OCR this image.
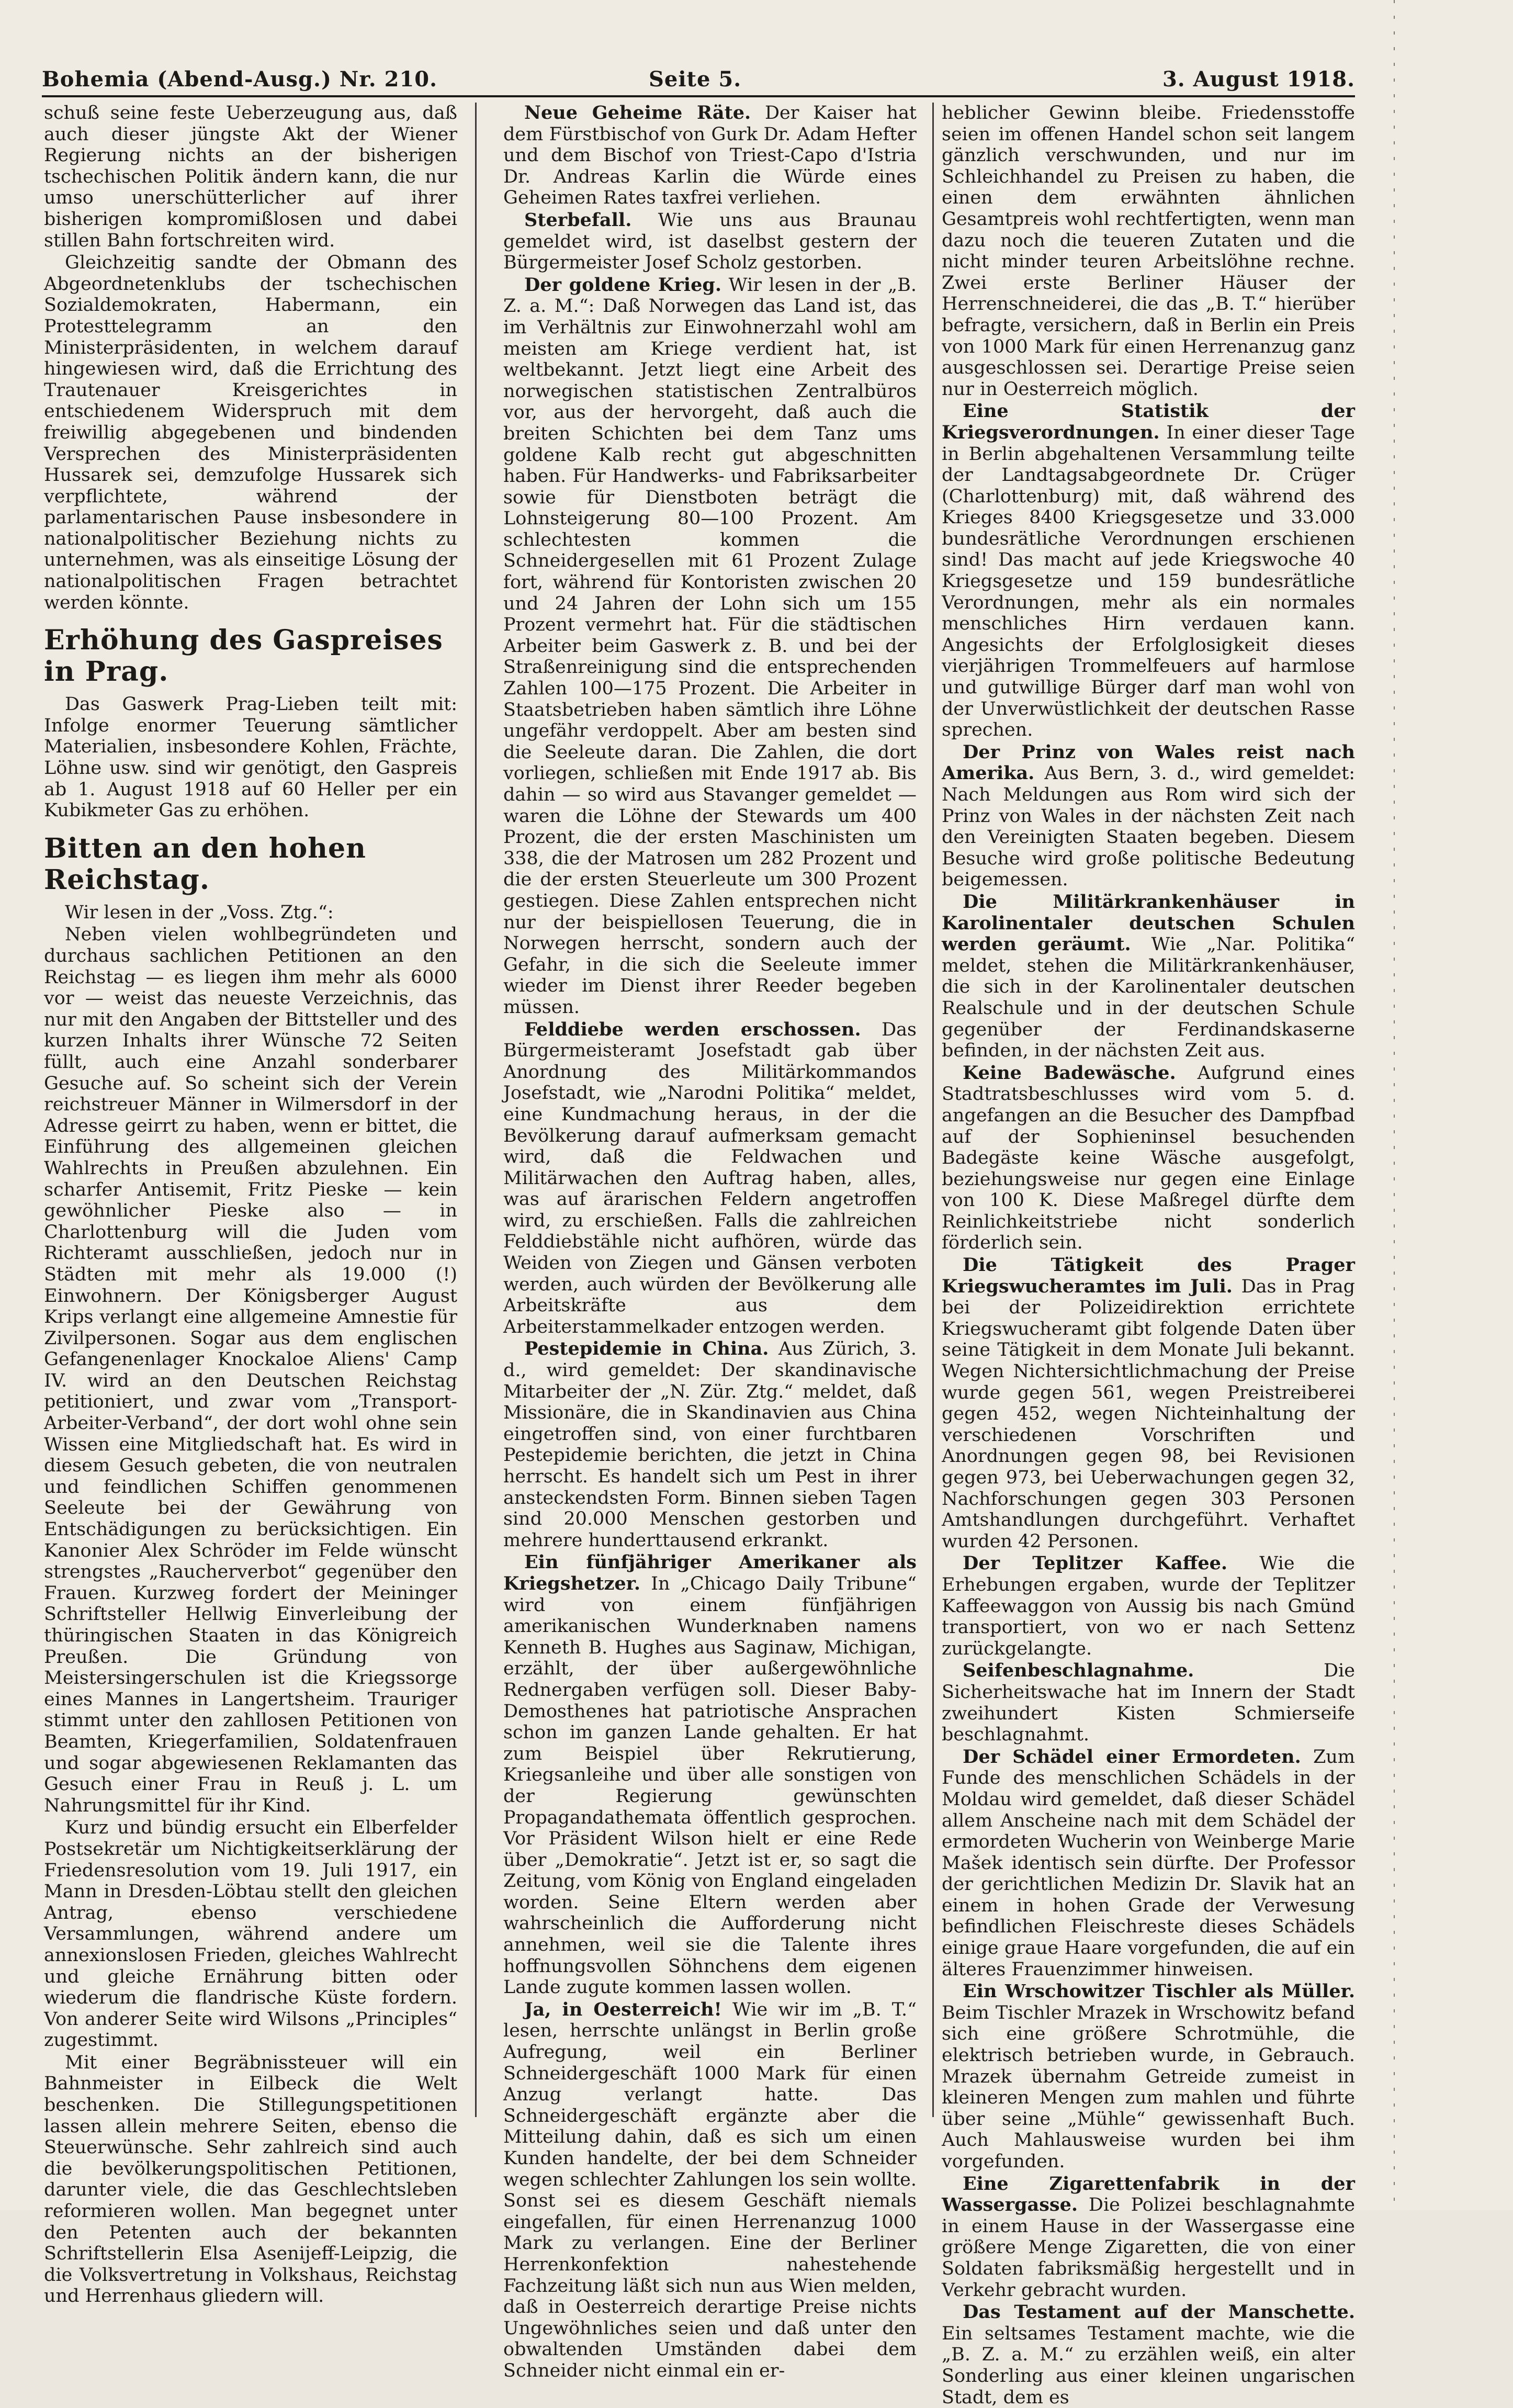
Bohemia (Abend-Ausg.) Nr. 210.	Seite 5.	3. August 1918.

schuß seine feste Ueberzeugung aus, daß auch dieser jüngste Akt der Wiener Regierung nichts an der bisherigen tschechischen Politik ändern kann, die nur umso unerschütterlicher auf ihrer bisherigen kompromißlosen und dabei stillen Bahn fortschreiten wird.

Gleichzeitig sandte der Obmann des Abgeordnetenklubs der tschechischen Sozialdemokraten, Habermann, ein Protesttelegramm an den Ministerpräsidenten, in welchem darauf hingewiesen wird, daß die Errichtung des Trautenauer Kreisgerichtes in entschiedenem Widerspruch mit dem freiwillig abgegebenen und bindenden Versprechen des Ministerpräsidenten Hussarek sei, demzufolge Hussarek sich verpflichtete, während der parlamentarischen Pause insbesondere in nationalpolitischer Beziehung nichts zu unternehmen, was als einseitige Lösung der nationalpolitischen Fragen betrachtet werden könnte.

Erhöhung des Gaspreises in Prag.

Das Gaswerk Prag-Lieben teilt mit: Infolge enormer Teuerung sämtlicher Materialien, insbesondere Kohlen, Frächte, Löhne usw. sind wir genötigt, den Gaspreis ab 1. August 1918 auf 60 Heller per ein Kubikmeter Gas zu erhöhen.

Bitten an den hohen Reichstag.

Wir lesen in der „Voss. Ztg.“:

Neben vielen wohlbegründeten und durchaus sachlichen Petitionen an den Reichstag — es liegen ihm mehr als 6000 vor — weist das neueste Verzeichnis, das nur mit den Angaben der Bittsteller und des kurzen Inhalts ihrer Wünsche 72 Seiten füllt, auch eine Anzahl sonderbarer Gesuche auf. So scheint sich der Verein reichstreuer Männer in Wilmersdorf in der Adresse geirrt zu haben, wenn er bittet, die Einführung des allgemeinen gleichen Wahlrechts in Preußen abzulehnen. Ein scharfer Antisemit, Fritz Pieske — kein gewöhnlicher Pieske also — in Charlottenburg will die Juden vom Richteramt ausschließen, jedoch nur in Städten mit mehr als 19.000 (!) Einwohnern. Der Königsberger August Krips verlangt eine allgemeine Amnestie für Zivilpersonen. Sogar aus dem englischen Gefangenenlager Knockaloe Aliens' Camp IV. wird an den Deutschen Reichstag petitioniert, und zwar vom „Transport-Arbeiter-Verband“, der dort wohl ohne sein Wissen eine Mitgliedschaft hat. Es wird in diesem Gesuch gebeten, die von neutralen und feindlichen Schiffen genommenen Seeleute bei der Gewährung von Entschädigungen zu berücksichtigen. Ein Kanonier Alex Schröder im Felde wünscht strengstes „Raucherverbot“ gegenüber den Frauen. Kurzweg fordert der Meininger Schriftsteller Hellwig Einverleibung der thüringischen Staaten in das Königreich Preußen. Die Gründung von Meistersingerschulen ist die Kriegssorge eines Mannes in Langertsheim. Trauriger stimmt unter den zahllosen Petitionen von Beamten, Kriegerfamilien, Soldatenfrauen und sogar abgewiesenen Reklamanten das Gesuch einer Frau in Reuß j. L. um Nahrungsmittel für ihr Kind.

Kurz und bündig ersucht ein Elberfelder Postsekretär um Nichtigkeitserklärung der Friedensresolution vom 19. Juli 1917, ein Mann in Dresden-Löbtau stellt den gleichen Antrag, ebenso verschiedene Versammlungen, während andere um annexionslosen Frieden, gleiches Wahlrecht und gleiche Ernährung bitten oder wiederum die flandrische Küste fordern. Von anderer Seite wird Wilsons „Principles“ zugestimmt.

Mit einer Begräbnissteuer will ein Bahnmeister in Eilbeck die Welt beschenken. Die Stillegungspetitionen lassen allein mehrere Seiten, ebenso die Steuerwünsche. Sehr zahlreich sind auch die bevölkerungspolitischen Petitionen, darunter viele, die das Geschlechtsleben reformieren wollen. Man begegnet unter den Petenten auch der bekannten Schriftstellerin Elsa Asenijeff-Leipzig, die die Volksvertretung in Volkshaus, Reichstag und Herrenhaus gliedern will.

Neue Geheime Räte. Der Kaiser hat dem Fürstbischof von Gurk Dr. Adam Hefter und dem Bischof von Triest-Capo d'Istria Dr. Andreas Karlin die Würde eines Geheimen Rates taxfrei verliehen.

Sterbefall. Wie uns aus Braunau gemeldet wird, ist daselbst gestern der Bürgermeister Josef Scholz gestorben.

Der goldene Krieg. Wir lesen in der „B. Z. a. M.“: Daß Norwegen das Land ist, das im Verhältnis zur Einwohnerzahl wohl am meisten am Kriege verdient hat, ist weltbekannt. Jetzt liegt eine Arbeit des norwegischen statistischen Zentralbüros vor, aus der hervorgeht, daß auch die breiten Schichten bei dem Tanz ums goldene Kalb recht gut abgeschnitten haben. Für Handwerks- und Fabriksarbeiter sowie für Dienstboten beträgt die Lohnsteigerung 80—100 Prozent. Am schlechtesten kommen die Schneidergesellen mit 61 Prozent Zulage fort, während für Kontoristen zwischen 20 und 24 Jahren der Lohn sich um 155 Prozent vermehrt hat. Für die städtischen Arbeiter beim Gaswerk z. B. und bei der Straßenreinigung sind die entsprechenden Zahlen 100—175 Prozent. Die Arbeiter in Staatsbetrieben haben sämtlich ihre Löhne ungefähr verdoppelt. Aber am besten sind die Seeleute daran. Die Zahlen, die dort vorliegen, schließen mit Ende 1917 ab. Bis dahin — so wird aus Stavanger gemeldet — waren die Löhne der Stewards um 400 Prozent, die der ersten Maschinisten um 338, die der Matrosen um 282 Prozent und die der ersten Steuerleute um 300 Prozent gestiegen. Diese Zahlen entsprechen nicht nur der beispiellosen Teuerung, die in Norwegen herrscht, sondern auch der Gefahr, in die sich die Seeleute immer wieder im Dienst ihrer Reeder begeben müssen.

Felddiebe werden erschossen. Das Bürgermeisteramt Josefstadt gab über Anordnung des Militärkommandos Josefstadt, wie „Narodni Politika“ meldet, eine Kundmachung heraus, in der die Bevölkerung darauf aufmerksam gemacht wird, daß die Feldwachen und Militärwachen den Auftrag haben, alles, was auf ärarischen Feldern angetroffen wird, zu erschießen. Falls die zahlreichen Felddiebstähle nicht aufhören, würde das Weiden von Ziegen und Gänsen verboten werden, auch würden der Bevölkerung alle Arbeitskräfte aus dem Arbeiterstammelkader entzogen werden.

Pestepidemie in China. Aus Zürich, 3. d., wird gemeldet: Der skandinavische Mitarbeiter der „N. Zür. Ztg.“ meldet, daß Missionäre, die in Skandinavien aus China eingetroffen sind, von einer furchtbaren Pestepidemie berichten, die jetzt in China herrscht. Es handelt sich um Pest in ihrer ansteckendsten Form. Binnen sieben Tagen sind 20.000 Menschen gestorben und mehrere hunderttausend erkrankt.

Ein fünfjähriger Amerikaner als Kriegshetzer. In „Chicago Daily Tribune“ wird von einem fünfjährigen amerikanischen Wunderknaben namens Kenneth B. Hughes aus Saginaw, Michigan, erzählt, der über außergewöhnliche Rednergaben verfügen soll. Dieser Baby-Demosthenes hat patriotische Ansprachen schon im ganzen Lande gehalten. Er hat zum Beispiel über Rekrutierung, Kriegsanleihe und über alle sonstigen von der Regierung gewünschten Propagandathemata öffentlich gesprochen. Vor Präsident Wilson hielt er eine Rede über „Demokratie“. Jetzt ist er, so sagt die Zeitung, vom König von England eingeladen worden. Seine Eltern werden aber wahrscheinlich die Aufforderung nicht annehmen, weil sie die Talente ihres hoffnungsvollen Söhnchens dem eigenen Lande zugute kommen lassen wollen.

Ja, in Oesterreich! Wie wir im „B. T.“ lesen, herrschte unlängst in Berlin große Aufregung, weil ein Berliner Schneidergeschäft 1000 Mark für einen Anzug verlangt hatte. Das Schneidergeschäft ergänzte aber die Mitteilung dahin, daß es sich um einen Kunden handelte, der bei dem Schneider wegen schlechter Zahlungen los sein wollte. Sonst sei es diesem Geschäft niemals eingefallen, für einen Herrenanzug 1000 Mark zu verlangen. Eine der Berliner Herrenkonfektion nahestehende Fachzeitung läßt sich nun aus Wien melden, daß in Oesterreich derartige Preise nichts Ungewöhnliches seien und daß unter den obwaltenden Umständen dabei dem Schneider nicht einmal ein er-

heblicher Gewinn bleibe. Friedensstoffe seien im offenen Handel schon seit langem gänzlich verschwunden, und nur im Schleichhandel zu Preisen zu haben, die einen dem erwähnten ähnlichen Gesamtpreis wohl rechtfertigten, wenn man dazu noch die teueren Zutaten und die nicht minder teuren Arbeitslöhne rechne. Zwei erste Berliner Häuser der Herrenschneiderei, die das „B. T.“ hierüber befragte, versichern, daß in Berlin ein Preis von 1000 Mark für einen Herrenanzug ganz ausgeschlossen sei. Derartige Preise seien nur in Oesterreich möglich.

Eine Statistik der Kriegsverordnungen. In einer dieser Tage in Berlin abgehaltenen Versammlung teilte der Landtagsabgeordnete Dr. Crüger (Charlottenburg) mit, daß während des Krieges 8400 Kriegsgesetze und 33.000 bundesrätliche Verordnungen erschienen sind! Das macht auf jede Kriegswoche 40 Kriegsgesetze und 159 bundesrätliche Verordnungen, mehr als ein normales menschliches Hirn verdauen kann. Angesichts der Erfolglosigkeit dieses vierjährigen Trommelfeuers auf harmlose und gutwillige Bürger darf man wohl von der Unverwüstlichkeit der deutschen Rasse sprechen.

Der Prinz von Wales reist nach Amerika. Aus Bern, 3. d., wird gemeldet: Nach Meldungen aus Rom wird sich der Prinz von Wales in der nächsten Zeit nach den Vereinigten Staaten begeben. Diesem Besuche wird große politische Bedeutung beigemessen.

Die Militärkrankenhäuser in Karolinentaler deutschen Schulen werden geräumt. Wie „Nar. Politika“ meldet, stehen die Militärkrankenhäuser, die sich in der Karolinentaler deutschen Realschule und in der deutschen Schule gegenüber der Ferdinandskaserne befinden, in der nächsten Zeit aus.

Keine Badewäsche. Aufgrund eines Stadtratsbeschlusses wird vom 5. d. angefangen an die Besucher des Dampfbad auf der Sophieninsel besuchenden Badegäste keine Wäsche ausgefolgt, beziehungsweise nur gegen eine Einlage von 100 K. Diese Maßregel dürfte dem Reinlichkeitstriebe nicht sonderlich förderlich sein.

Die Tätigkeit des Prager Kriegswucheramtes im Juli. Das in Prag bei der Polizeidirektion errichtete Kriegswucheramt gibt folgende Daten über seine Tätigkeit in dem Monate Juli bekannt. Wegen Nichtersichtlichmachung der Preise wurde gegen 561, wegen Preistreiberei gegen 452, wegen Nichteinhaltung der verschiedenen Vorschriften und Anordnungen gegen 98, bei Revisionen gegen 973, bei Ueberwachungen gegen 32, Nachforschungen gegen 303 Personen Amtshandlungen durchgeführt. Verhaftet wurden 42 Personen.

Der Teplitzer Kaffee. Wie die Erhebungen ergaben, wurde der Teplitzer Kaffeewaggon von Aussig bis nach Gmünd transportiert, von wo er nach Settenz zurückgelangte.

Seifenbeschlagnahme.	Die Sicherheitswache hat im Innern der Stadt zweihundert Kisten Schmierseife beschlagnahmt.

Der Schädel einer Ermordeten. Zum Funde des menschlichen Schädels in der Moldau wird gemeldet, daß dieser Schädel allem Anscheine nach mit dem Schädel der ermordeten Wucherin von Weinberge Marie Mašek identisch sein dürfte. Der Professor der gerichtlichen Medizin Dr. Slavik hat an einem in hohen Grade der Verwesung befindlichen Fleischreste dieses Schädels einige graue Haare vorgefunden, die auf ein älteres Frauenzimmer hinweisen.

Ein Wrschowitzer Tischler als Müller. Beim Tischler Mrazek in Wrschowitz befand sich eine größere Schrotmühle, die elektrisch betrieben wurde, in Gebrauch. Mrazek übernahm Getreide zumeist in kleineren Mengen zum mahlen und führte über seine „Mühle“ gewissenhaft Buch. Auch Mahlausweise wurden bei ihm vorgefunden.

Eine Zigarettenfabrik in der Wassergasse. Die Polizei beschlagnahmte in einem Hause in der Wassergasse eine größere Menge Zigaretten, die von einer Soldaten fabriksmäßig hergestellt und in Verkehr gebracht wurden.

Das Testament auf der Manschette. Ein seltsames Testament machte, wie die „B. Z. a. M.“ zu erzählen weiß, ein alter Sonderling aus einer kleinen ungarischen Stadt, dem es
